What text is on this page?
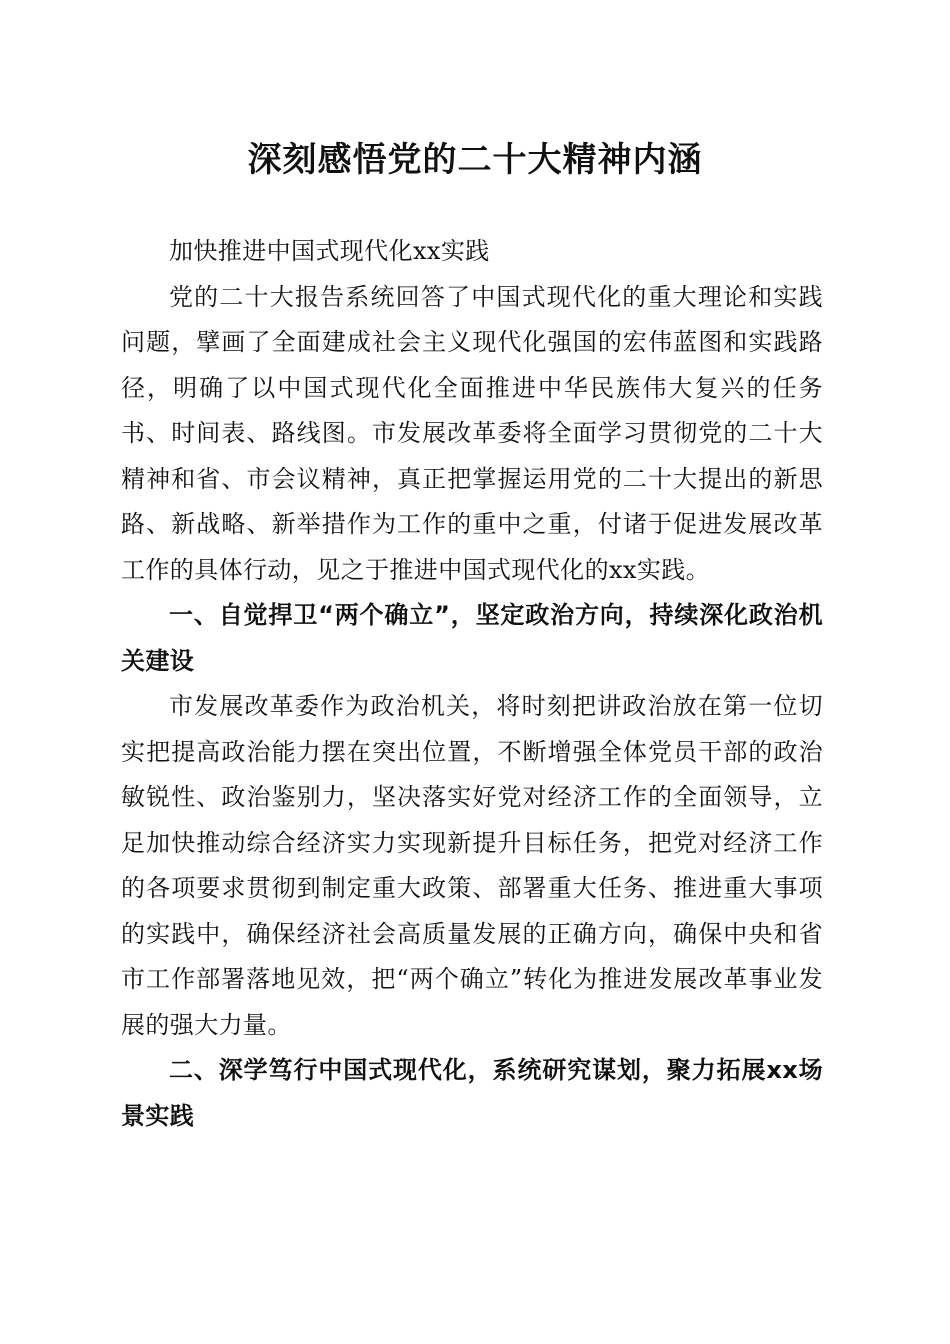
深刻感悟党的二十大精神内涵

加快推进中国式现代化xx实践

党的二十大报告系统回答了中国式现代化的重大理论和实践问题，擘画了全面建成社会主义现代化强国的宏伟蓝图和实践路径，明确了以中国式现代化全面推进中华民族伟大复兴的任务书、时间表、路线图。市发展改革委将全面学习贯彻党的二十大精神和省、市会议精神，真正把掌握运用党的二十大提出的新思路、新战略、新举措作为工作的重中之重，付诸于促进发展改革工作的具体行动，见之于推进中国式现代化的xx实践。

一、自觉捍卫“两个确立”，坚定政治方向，持续深化政治机关建设

市发展改革委作为政治机关，将时刻把讲政治放在第一位切实把提高政治能力摆在突出位置，不断增强全体党员干部的政治敏锐性、政治鉴别力，坚决落实好党对经济工作的全面领导，立足加快推动综合经济实力实现新提升目标任务，把党对经济工作的各项要求贯彻到制定重大政策、部署重大任务、推进重大事项的实践中，确保经济社会高质量发展的正确方向，确保中央和省市工作部署落地见效，把“两个确立”转化为推进发展改革事业发展的强大力量。

二、深学笃行中国式现代化，系统研究谋划，聚力拓展xx场景实践
